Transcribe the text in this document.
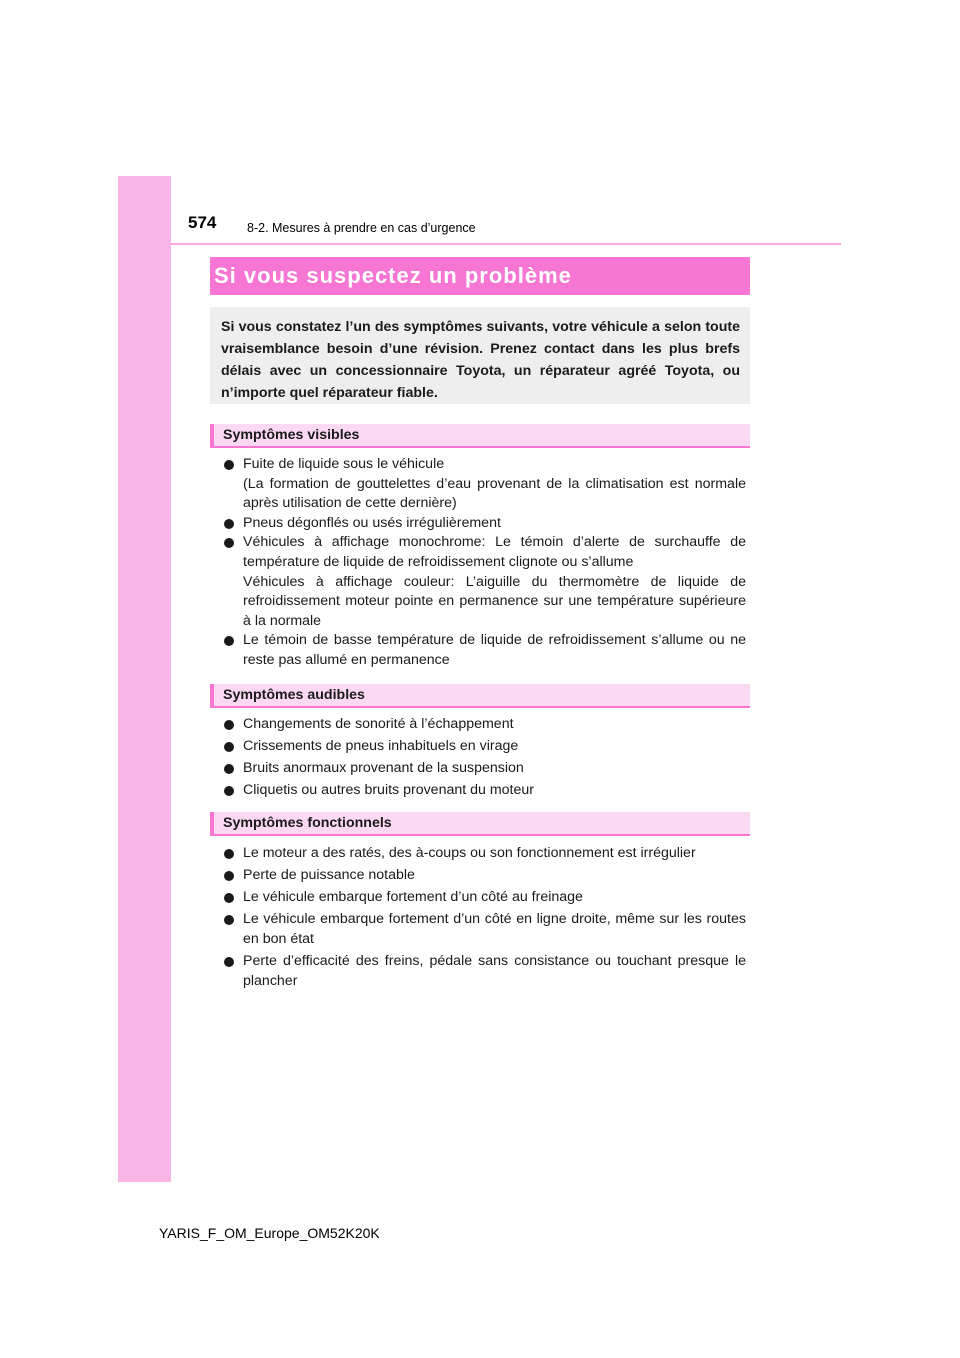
574 8-2. Mesures à prendre en cas d’urgence
Si vous suspectez un problème

Si vous constatez l’un des symptômes suivants, votre véhicule a selon toute vraisemblance besoin d’une révision. Prenez contact dans les plus brefs délais avec un concessionnaire Toyota, un réparateur agréé Toyota, ou n’importe quel réparateur fiable.

Symptômes visibles
Fuite de liquide sous le véhicule
(La formation de gouttelettes d’eau provenant de la climatisation est normale après utilisation de cette dernière)
Pneus dégonflés ou usés irrégulièrement
Véhicules à affichage monochrome: Le témoin d’alerte de surchauffe de température de liquide de refroidissement clignote ou s’allume
Véhicules à affichage couleur: L’aiguille du thermomètre de liquide de refroidissement moteur pointe en permanence sur une température supérieure à la normale
Le témoin de basse température de liquide de refroidissement s’allume ou ne reste pas allumé en permanence
Symptômes audibles
Changements de sonorité à l’échappement
Crissements de pneus inhabituels en virage
Bruits anormaux provenant de la suspension
Cliquetis ou autres bruits provenant du moteur
Symptômes fonctionnels
Le moteur a des ratés, des à-coups ou son fonctionnement est irrégulier
Perte de puissance notable
Le véhicule embarque fortement d’un côté au freinage
Le véhicule embarque fortement d’un côté en ligne droite, même sur les routes en bon état
Perte d’efficacité des freins, pédale sans consistance ou touchant presque le plancher
YARIS_F_OM_Europe_OM52K20K
